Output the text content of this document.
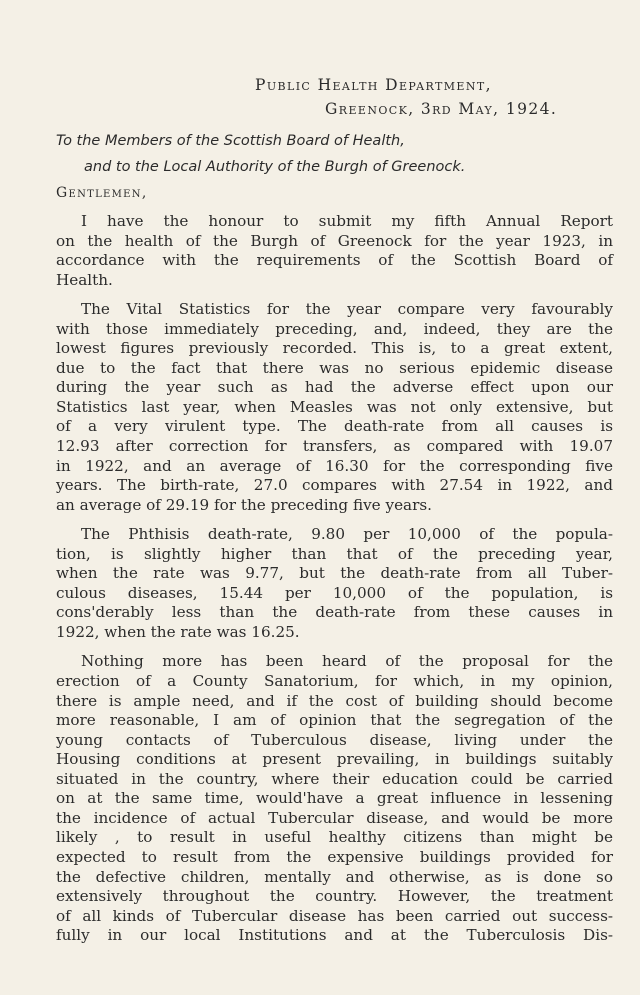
Public Health Department,
Greenock, 3rd May, 1924.
To the Members of the Scottish Board of Health,
and to the Local Authority of the Burgh of Greenock.
Gentlemen,
I have the honour to submit my fifth Annual Report
on the health of the Burgh of Greenock for the year 1923, in
accordance with the requirements of the Scottish Board of
Health.
The Vital Statistics for the year compare very favourably
with those immediately preceding, and, indeed, they are the
lowest figures previously recorded. This is, to a great extent,
due to the fact that there was no serious epidemic disease
during the year such as had the adverse effect upon our
Statistics last year, when Measles was not only extensive, but
of a very virulent type. The death-rate from all causes is
12.93 after correction for transfers, as compared with 19.07
in 1922, and an average of 16.30 for the corresponding five
years. The birth-rate, 27.0 compares with 27.54 in 1922, and
an average of 29.19 for the preceding five years.
The Phthisis death-rate, 9.80 per 10,000 of the popula-
tion, is slightly higher than that of the preceding year,
when the rate was 9.77, but the death-rate from all Tuber-
culous diseases, 15.44 per 10,000 of the population, is
cons'derably less than the death-rate from these causes in
1922, when the rate was 16.25.
Nothing more has been heard of the proposal for the
erection of a County Sanatorium, for which, in my opinion,
there is ample need, and if the cost of building should become
more reasonable, I am of opinion that the segregation of the
young contacts of Tuberculous disease, living under the
Housing conditions at present prevailing, in buildings suitably
situated in the country, where their education could be carried
on at the same time, would'have a great influence in lessening
the incidence of actual Tubercular disease, and would be more
likely , to result in useful healthy citizens than might be
expected to result from the expensive buildings provided for
the defective children, mentally and otherwise, as is done so
extensively throughout the country. However, the treatment
of all kinds of Tubercular disease has been carried out success-
fully in our local Institutions and at the Tuberculosis Dis-
